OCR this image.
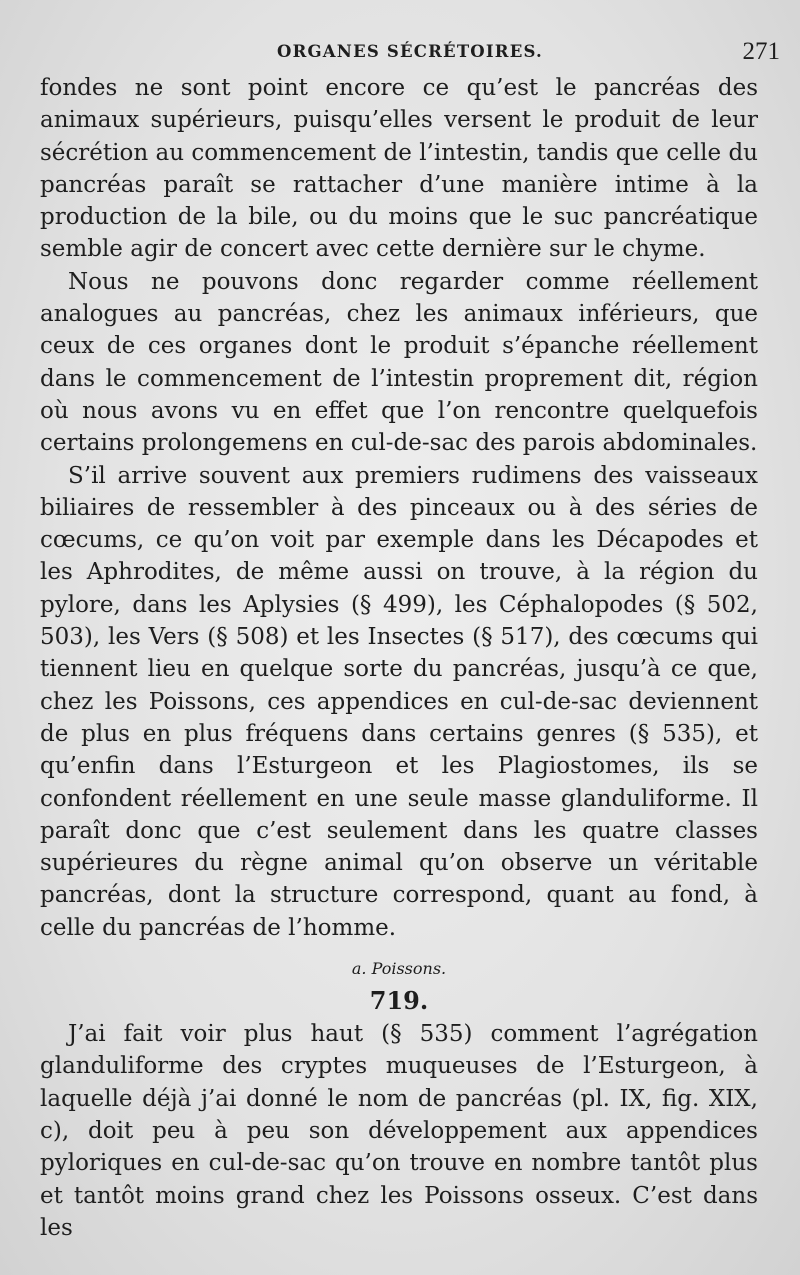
ORGANES SÉCRÉTOIRES.	271

fondes ne sont point encore ce qu’est le pancréas des animaux supérieurs, puisqu’elles versent le produit de leur sécrétion au commencement de l’intestin, tandis que celle du pancréas paraît se rattacher d’une manière intime à la production de la bile, ou du moins que le suc pancréatique semble agir de concert avec cette dernière sur le chyme.

Nous ne pouvons donc regarder comme réellement analogues au pancréas, chez les animaux inférieurs, que ceux de ces organes dont le produit s’épanche réellement dans le commencement de l’intestin proprement dit, région où nous avons vu en effet que l’on rencontre quelquefois certains prolongemens en cul-de-sac des parois abdominales.

S’il arrive souvent aux premiers rudimens des vaisseaux biliaires de ressembler à des pinceaux ou à des séries de cœcums, ce qu’on voit par exemple dans les Décapodes et les Aphrodites, de même aussi on trouve, à la région du pylore, dans les Aplysies (§ 499), les Céphalopodes (§ 502, 503), les Vers (§ 508) et les Insectes (§ 517), des cœcums qui tiennent lieu en quelque sorte du pancréas, jusqu’à ce que, chez les Poissons, ces appendices en cul-de-sac deviennent de plus en plus fréquens dans certains genres (§ 535), et qu’enfin dans l’Esturgeon et les Plagiostomes, ils se confondent réellement en une seule masse glanduliforme. Il paraît donc que c’est seulement dans les quatre classes supérieures du règne animal qu’on observe un véritable pancréas, dont la structure correspond, quant au fond, à celle du pancréas de l’homme.

a. Poissons.
719.

J’ai fait voir plus haut (§ 535) comment l’agrégation glanduliforme des cryptes muqueuses de l’Esturgeon, à laquelle déjà j’ai donné le nom de pancréas (pl. IX, fig. XIX, c), doit peu à peu son développement aux appendices pyloriques en cul-de-sac qu’on trouve en nombre tantôt plus et tantôt moins grand chez les Poissons osseux. C’est dans les
